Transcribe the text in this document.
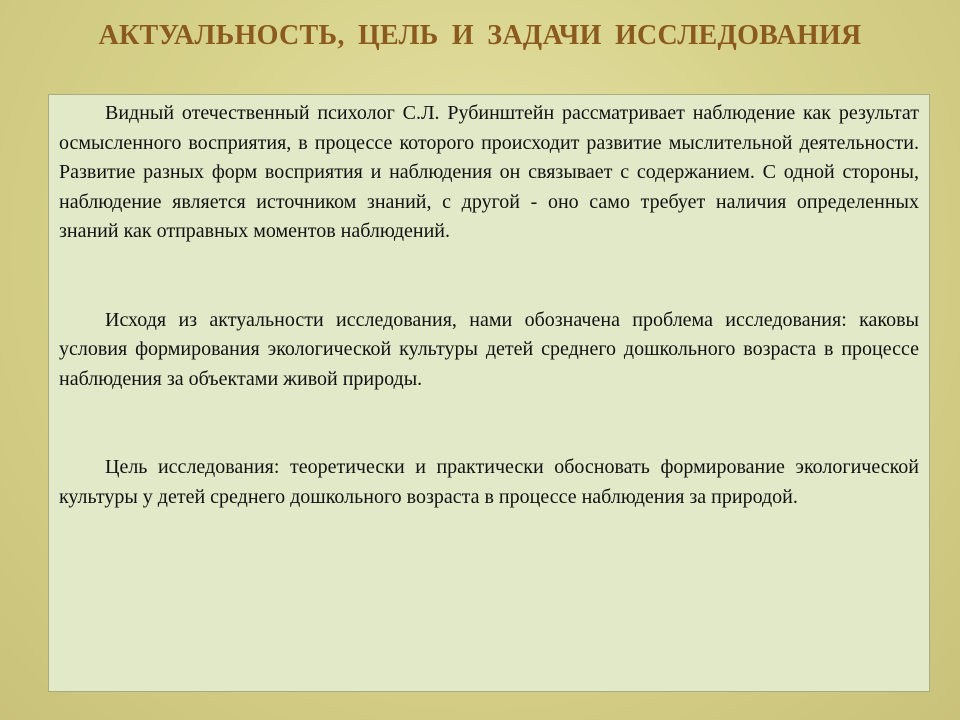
АКТУАЛЬНОСТЬ, ЦЕЛЬ И ЗАДАЧИ ИССЛЕДОВАНИЯ

Видный отечественный психолог С.Л. Рубинштейн рассматривает наблюдение как результат осмысленного восприятия, в процессе которого происходит развитие мыслительной деятельности. Развитие разных форм восприятия и наблюдения он связывает с содержанием. С одной стороны, наблюдение является источником знаний, с другой - оно само требует наличия определенных знаний как отправных моментов наблюдений.

Исходя из актуальности исследования, нами обозначена проблема исследования: каковы условия формирования экологической культуры детей среднего дошкольного возраста в процессе наблюдения за объектами живой природы.

Цель исследования: теоретически и практически обосновать формирование экологической культуры у детей среднего дошкольного возраста в процессе наблюдения за природой.
